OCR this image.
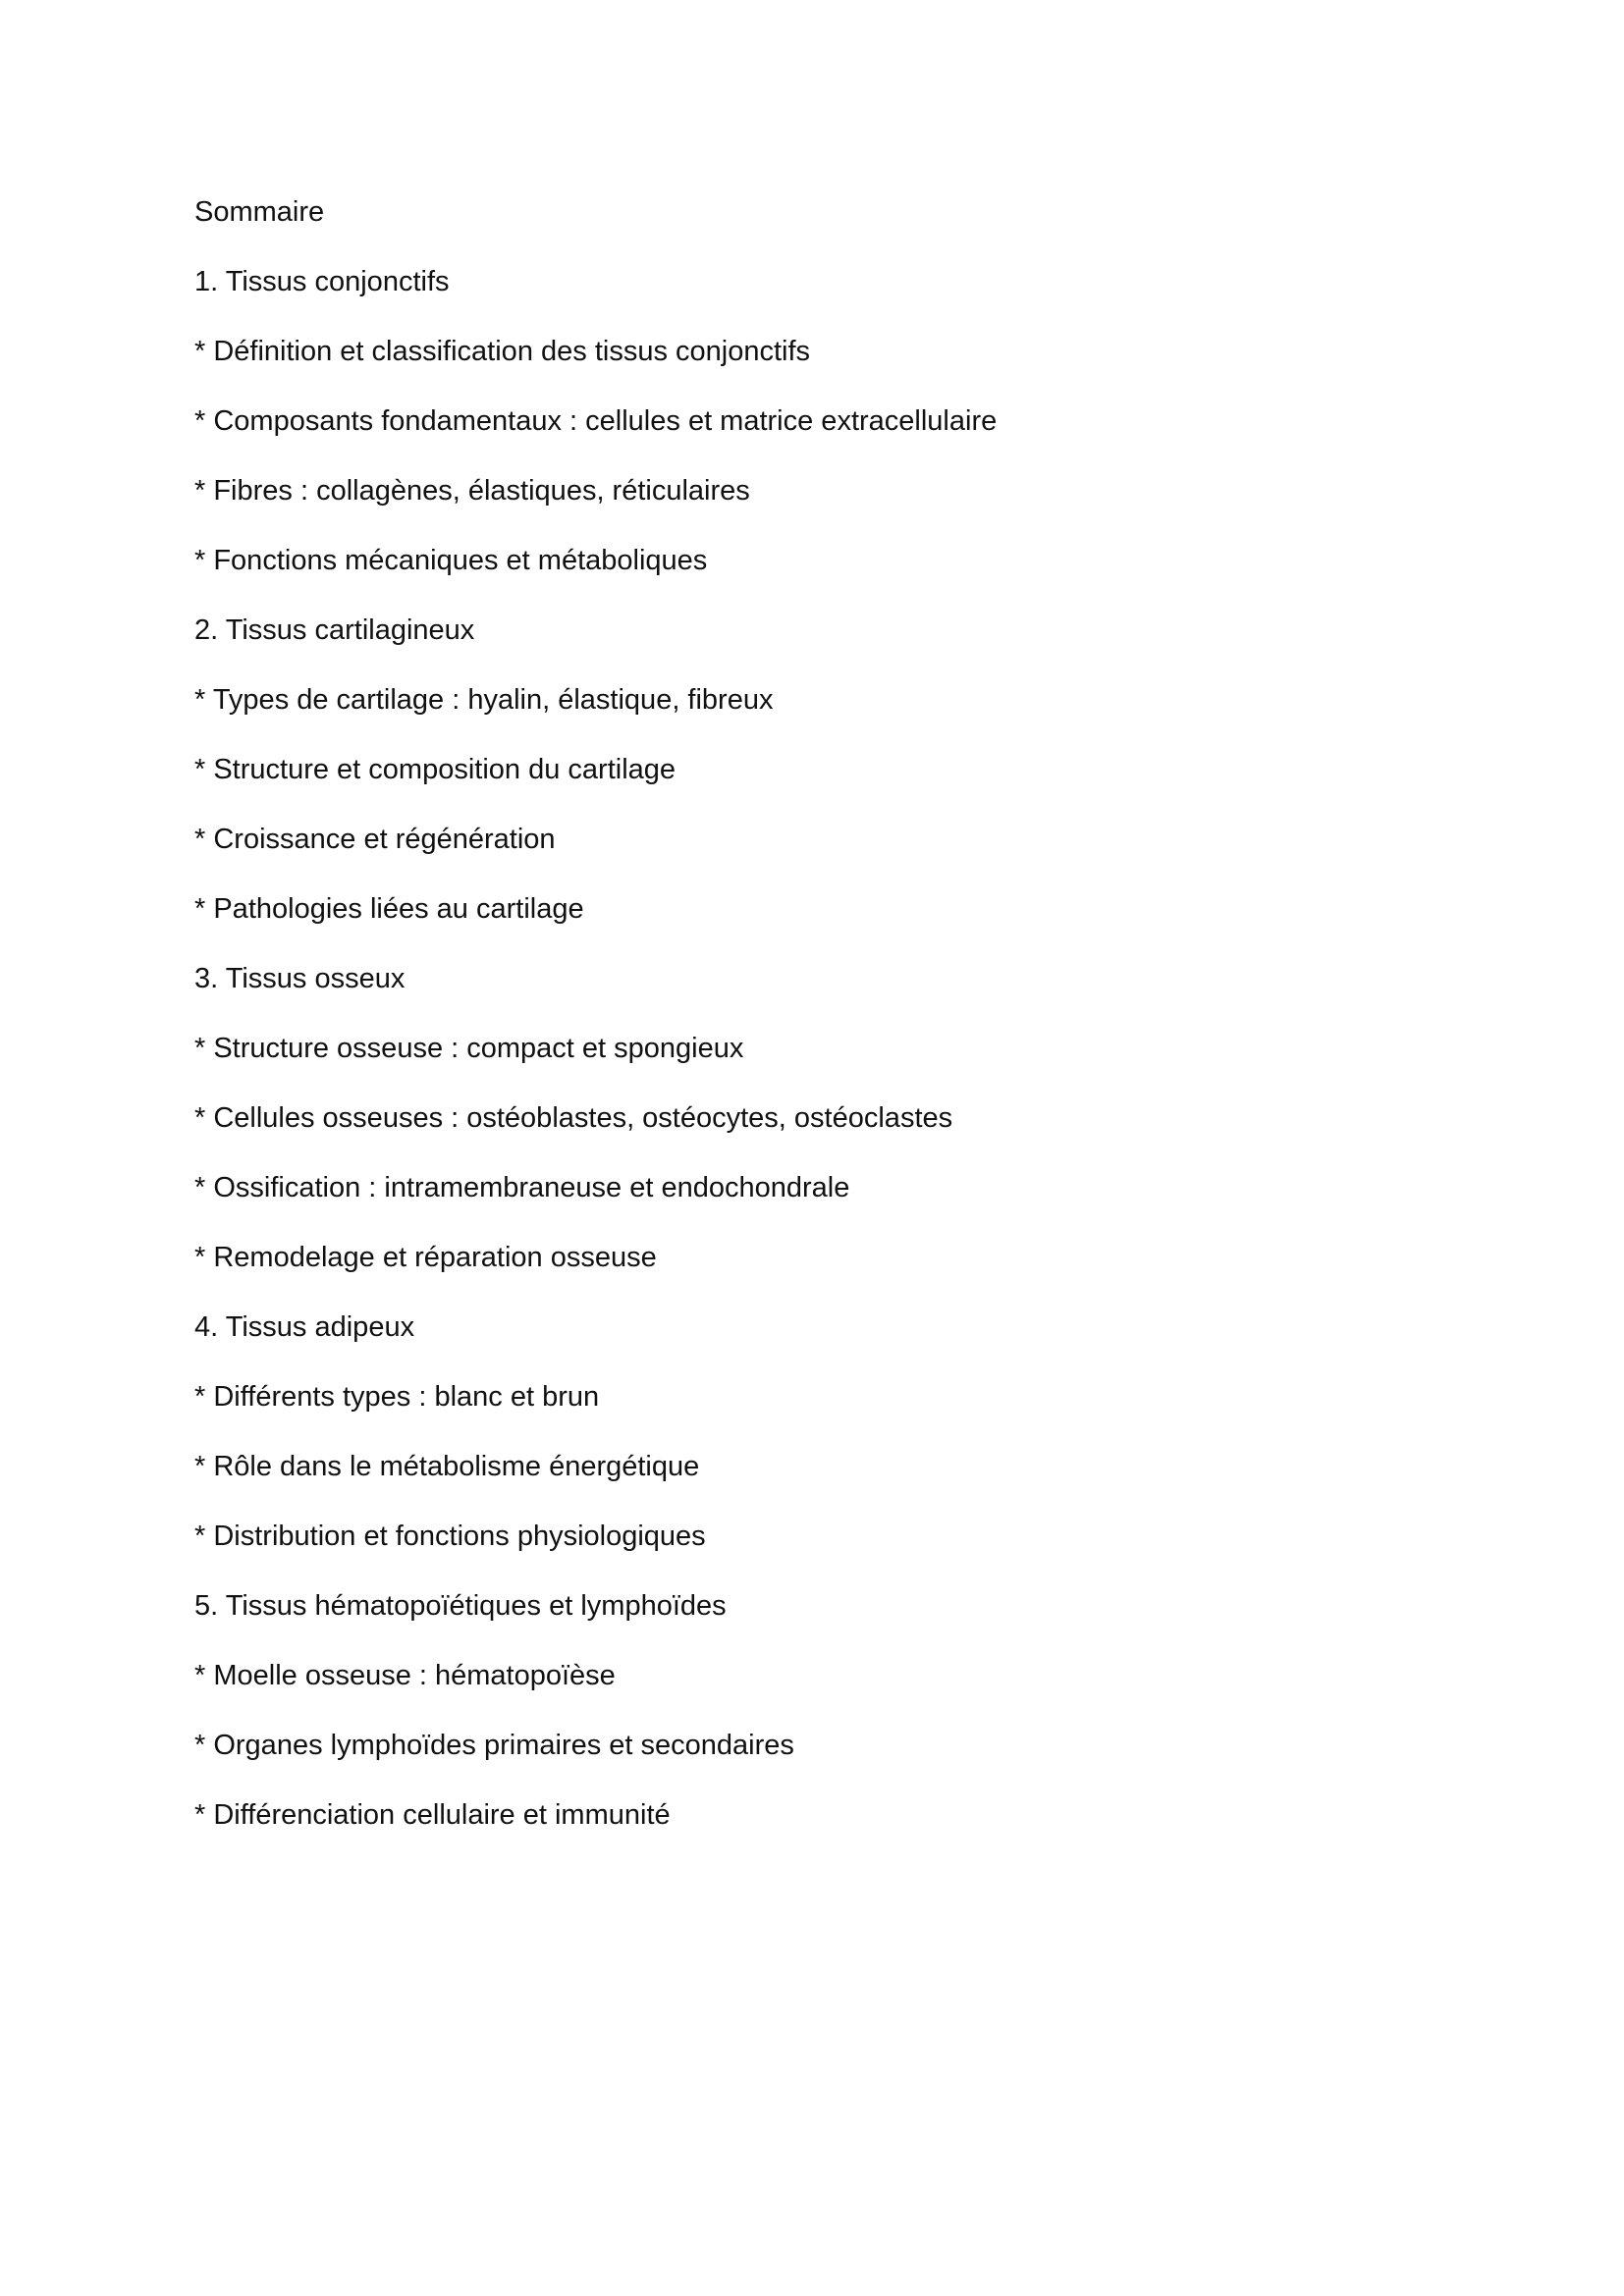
Sommaire

1. Tissus conjonctifs

* Définition et classification des tissus conjonctifs

* Composants fondamentaux : cellules et matrice extracellulaire

* Fibres : collagènes, élastiques, réticulaires

* Fonctions mécaniques et métaboliques

2. Tissus cartilagineux

* Types de cartilage : hyalin, élastique, fibreux

* Structure et composition du cartilage

* Croissance et régénération

* Pathologies liées au cartilage

3. Tissus osseux

* Structure osseuse : compact et spongieux

* Cellules osseuses : ostéoblastes, ostéocytes, ostéoclastes

* Ossification : intramembraneuse et endochondrale

* Remodelage et réparation osseuse

4. Tissus adipeux

* Différents types : blanc et brun

* Rôle dans le métabolisme énergétique

* Distribution et fonctions physiologiques

5. Tissus hématopoïétiques et lymphoïdes

* Moelle osseuse : hématopoïèse

* Organes lymphoïdes primaires et secondaires

* Différenciation cellulaire et immunité
